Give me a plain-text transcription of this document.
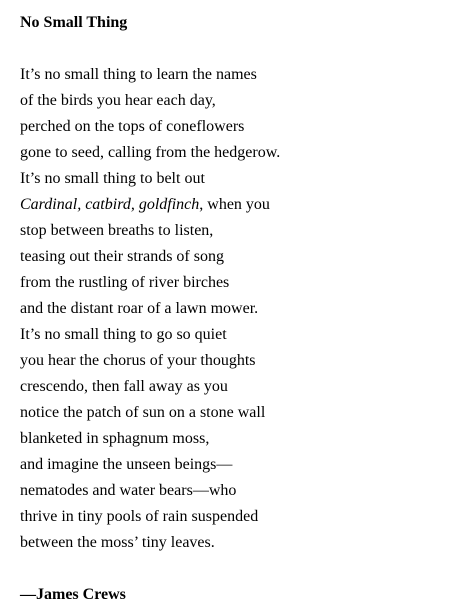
No Small Thing
It’s no small thing to learn the names
of the birds you hear each day,
perched on the tops of coneflowers
gone to seed, calling from the hedgerow.
It’s no small thing to belt out
Cardinal, catbird, goldfinch, when you
stop between breaths to listen,
teasing out their strands of song
from the rustling of river birches
and the distant roar of a lawn mower.
It’s no small thing to go so quiet
you hear the chorus of your thoughts
crescendo, then fall away as you
notice the patch of sun on a stone wall
blanketed in sphagnum moss,
and imagine the unseen beings—
nematodes and water bears—who
thrive in tiny pools of rain suspended
between the moss’ tiny leaves.
—James Crews
